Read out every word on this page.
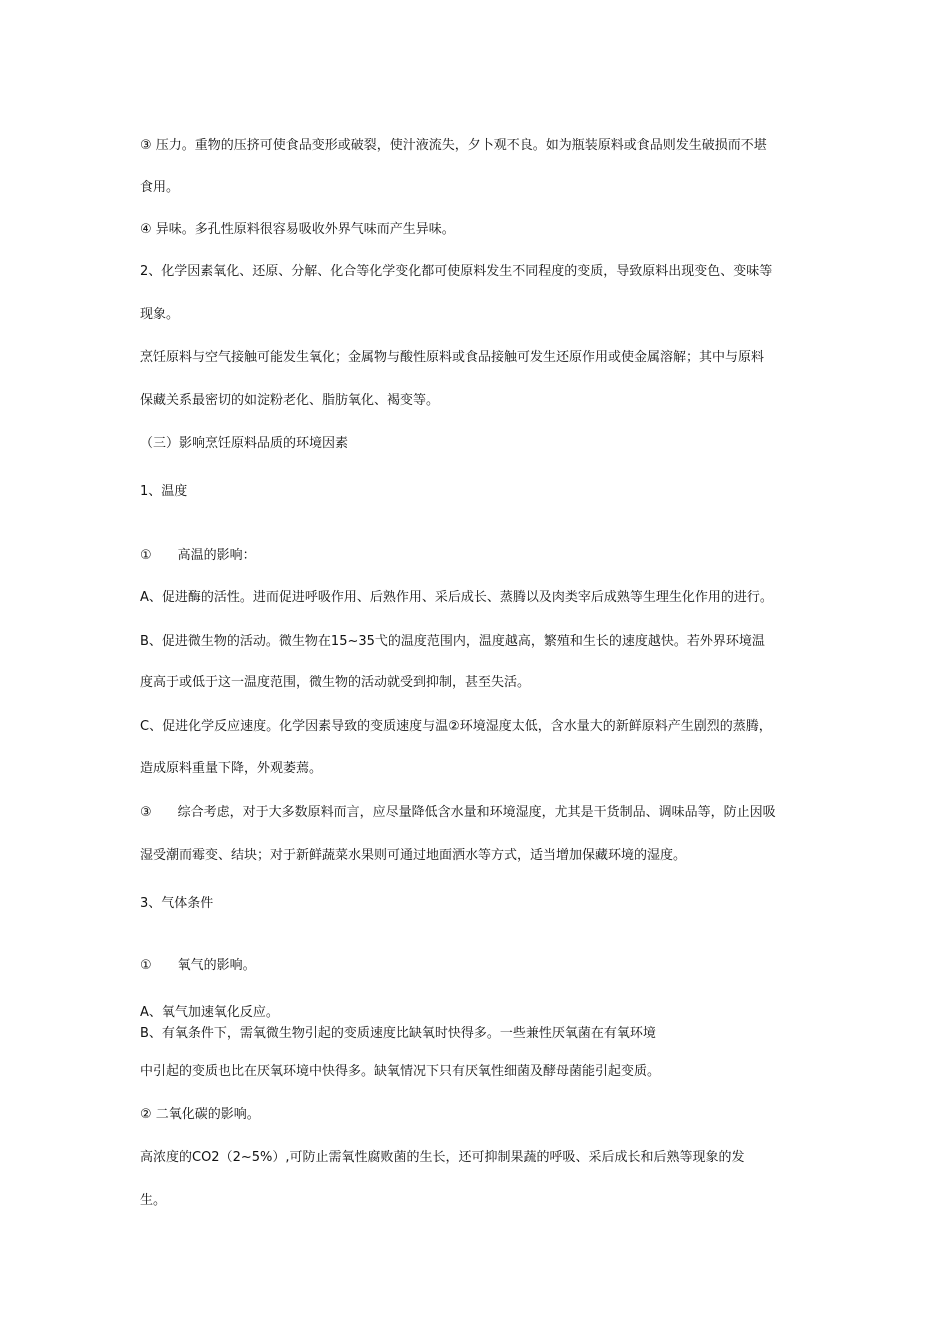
③ 压力。重物的压挤可使食品变形或破裂，使汁液流失，夕卜观不良。如为瓶装原料或食品则发生破损而不堪

食用。

④ 异味。多孔性原料很容易吸收外界气味而产生异味。

2、化学因素氧化、还原、分解、化合等化学变化都可使原料发生不同程度的变质，导致原料出现变色、变味等

现象。

烹饪原料与空气接触可能发生氧化；金属物与酸性原料或食品接触可发生还原作用或使金属溶解；其中与原料

保藏关系最密切的如淀粉老化、脂肪氧化、褐变等。

（三）影响烹饪原料品质的环境因素

1、温度

①　　高温的影响：

A、促进酶的活性。进而促进呼吸作用、后熟作用、采后成长、蒸腾以及肉类宰后成熟等生理生化作用的进行。

B、促进微生物的活动。微生物在15~35弋的温度范围内，温度越高，繁殖和生长的速度越快。若外界环境温

度高于或低于这一温度范围，微生物的活动就受到抑制，甚至失活。

C、促进化学反应速度。化学因素导致的变质速度与温②环境湿度太低，含水量大的新鲜原料产生剧烈的蒸腾，

造成原料重量下降，外观萎蔫。

③　　综合考虑，对于大多数原料而言，应尽量降低含水量和环境湿度，尤其是干货制品、调味品等，防止因吸

湿受潮而霉变、结块；对于新鲜蔬菜水果则可通过地面洒水等方式，适当增加保藏环境的湿度。

3、气体条件

①　　氧气的影响。

A、氧气加速氧化反应。

B、有氧条件下，需氧微生物引起的变质速度比缺氧时快得多。一些兼性厌氧菌在有氧环境

中引起的变质也比在厌氧环境中快得多。缺氧情况下只有厌氧性细菌及酵母菌能引起变质。

② 二氧化碳的影响。

高浓度的CO2（2~5%）,可防止需氧性腐败菌的生长，还可抑制果蔬的呼吸、采后成长和后熟等现象的发

生。
